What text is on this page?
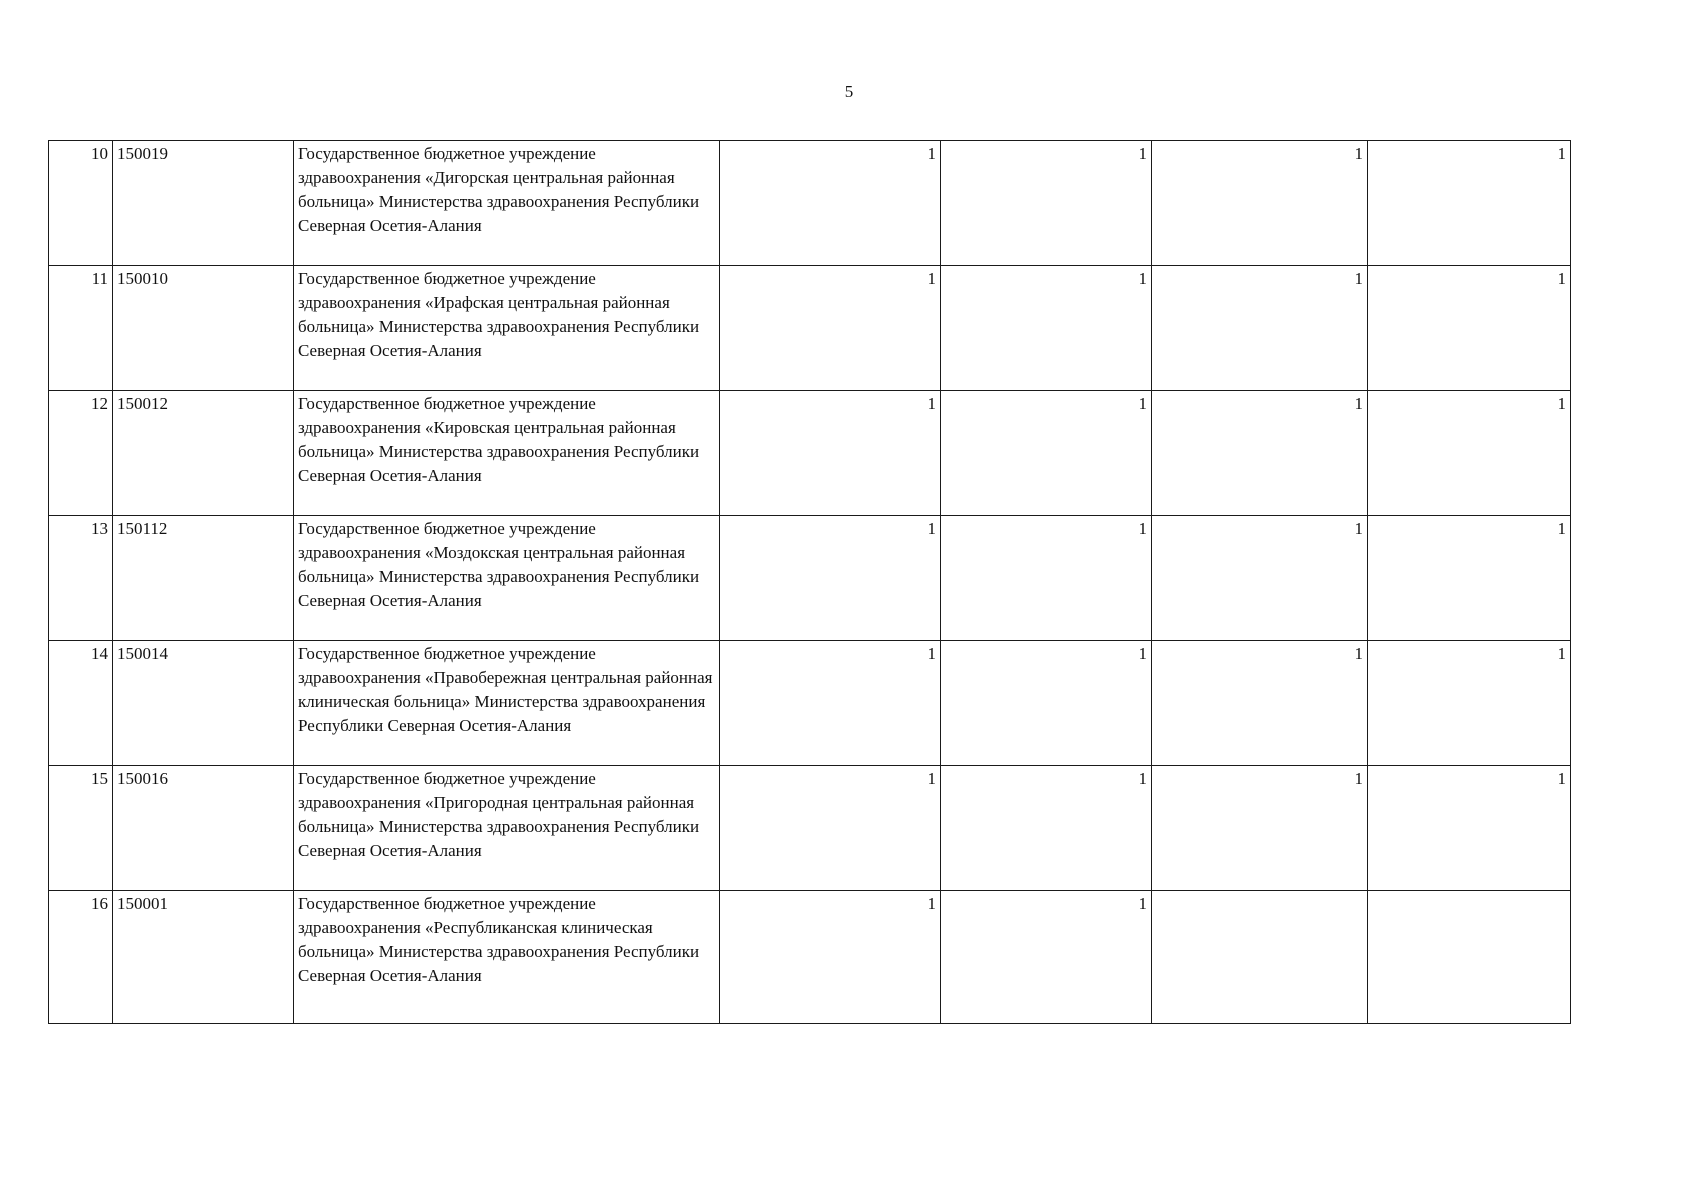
5
10	150019	Государственное бюджетное учреждение здравоохранения «Дигорская центральная районная больница» Министерства здравоохранения Республики Северная Осетия-Алания	1	1	1	1
11	150010	Государственное бюджетное учреждение здравоохранения «Ирафская центральная районная больница» Министерства здравоохранения Республики Северная Осетия-Алания	1	1	1	1
12	150012	Государственное бюджетное учреждение здравоохранения «Кировская центральная районная больница» Министерства здравоохранения Республики Северная Осетия-Алания	1	1	1	1
13	150112	Государственное бюджетное учреждение здравоохранения «Моздокская центральная районная больница» Министерства здравоохранения Республики Северная Осетия-Алания	1	1	1	1
14	150014	Государственное бюджетное учреждение здравоохранения «Правобережная центральная районная клиническая больница» Министерства здравоохранения Республики Северная Осетия-Алания	1	1	1	1
15	150016	Государственное бюджетное учреждение здравоохранения «Пригородная центральная районная больница» Министерства здравоохранения Республики Северная Осетия-Алания	1	1	1	1
16	150001	Государственное бюджетное учреждение здравоохранения «Республиканская клиническая больница» Министерства здравоохранения Республики Северная Осетия-Алания	1	1		
